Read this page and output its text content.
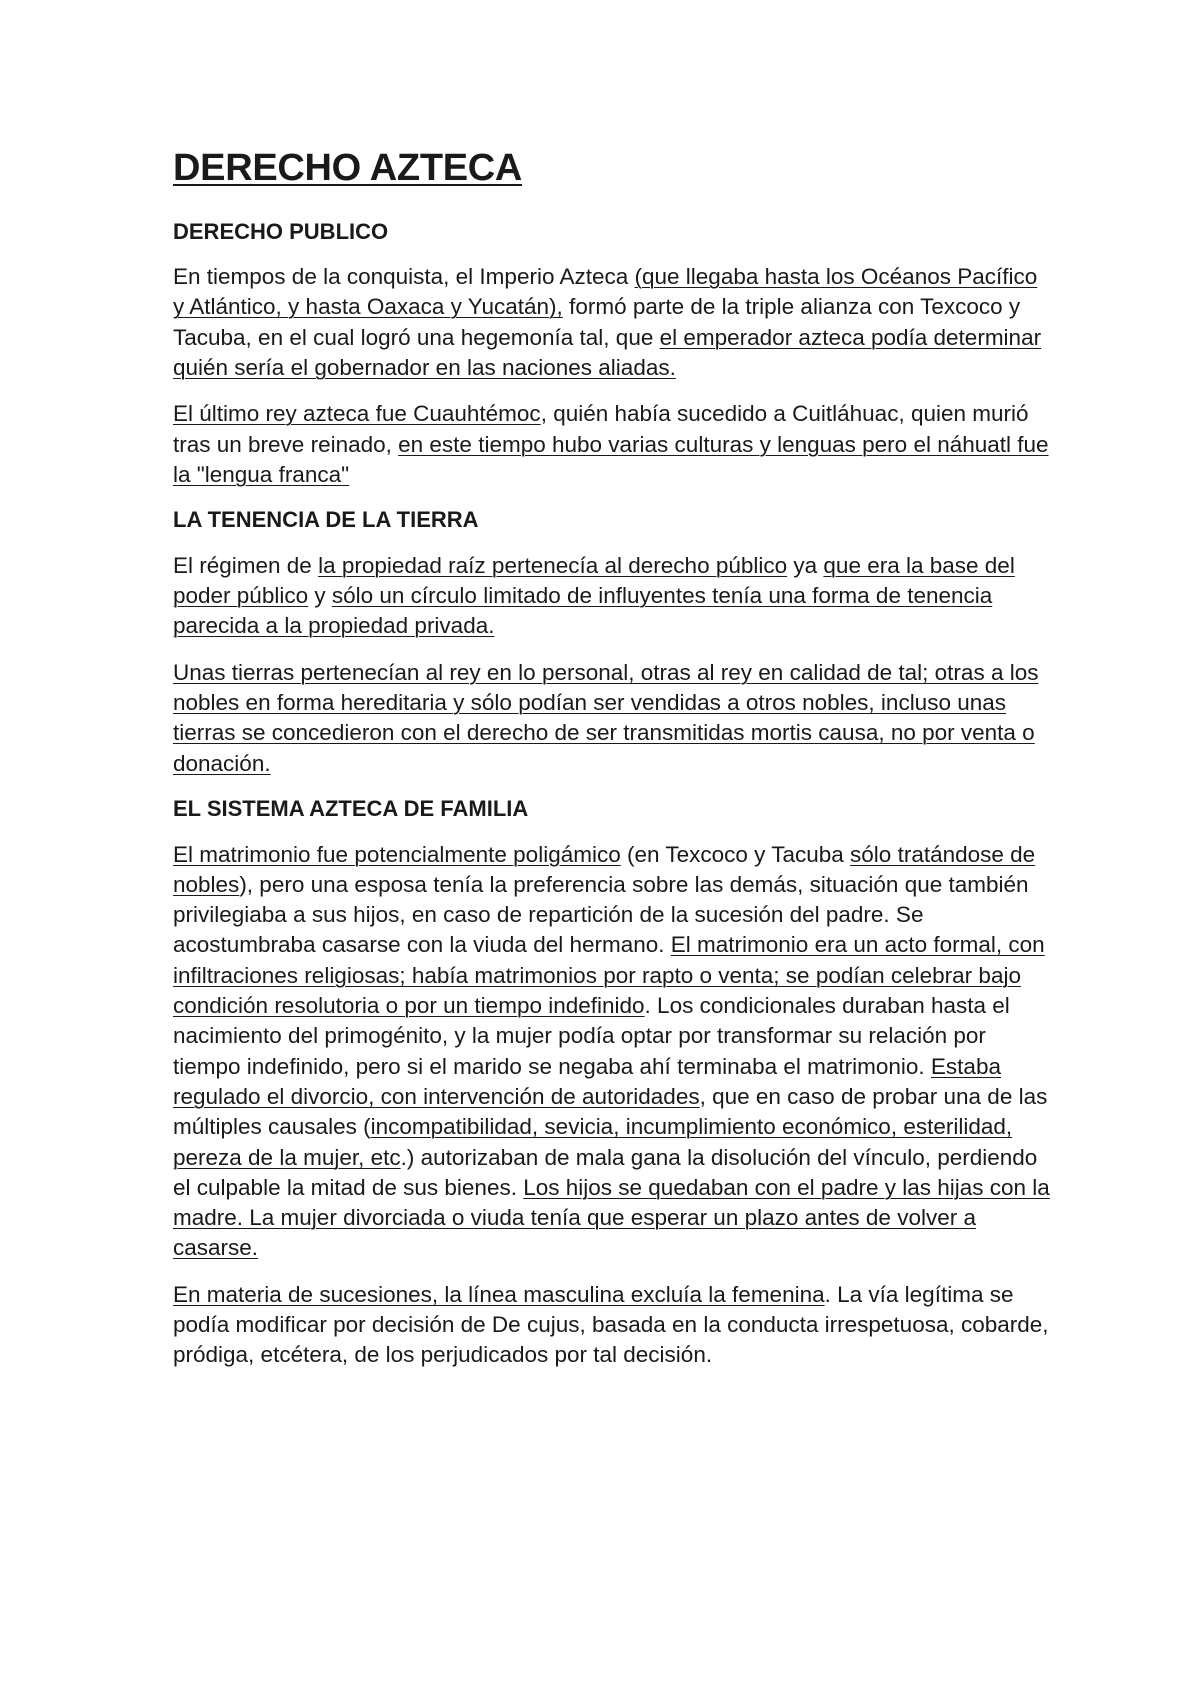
DERECHO AZTECA
DERECHO PUBLICO
En tiempos de la conquista, el Imperio Azteca (que llegaba hasta los Océanos Pacífico y Atlántico, y hasta Oaxaca y Yucatán), formó parte de la triple alianza con Texcoco y Tacuba, en el cual logró una hegemonía tal, que el emperador azteca podía determinar quién sería el gobernador en las naciones aliadas.
El último rey azteca fue Cuauhtémoc, quién había sucedido a Cuitláhuac, quien murió tras un breve reinado, en este tiempo hubo varias culturas y lenguas pero el náhuatl fue la "lengua franca"
LA TENENCIA DE LA TIERRA
El régimen de la propiedad raíz pertenecía al derecho público ya que era la base del poder público y sólo un círculo limitado de influyentes tenía una forma de tenencia parecida a la propiedad privada.
Unas tierras pertenecían al rey en lo personal, otras al rey en calidad de tal; otras a los nobles en forma hereditaria y sólo podían ser vendidas a otros nobles, incluso unas tierras se concedieron con el derecho de ser transmitidas mortis causa, no por venta o donación.
EL SISTEMA AZTECA DE FAMILIA
El matrimonio fue potencialmente poligámico (en Texcoco y Tacuba sólo tratándose de nobles), pero una esposa tenía la preferencia sobre las demás, situación que también privilegiaba a sus hijos, en caso de repartición de la sucesión del padre. Se acostumbraba casarse con la viuda del hermano. El matrimonio era un acto formal, con infiltraciones religiosas; había matrimonios por rapto o venta; se podían celebrar bajo condición resolutoria o por un tiempo indefinido. Los condicionales duraban hasta el nacimiento del primogénito, y la mujer podía optar por transformar su relación por tiempo indefinido, pero si el marido se negaba ahí terminaba el matrimonio. Estaba regulado el divorcio, con intervención de autoridades, que en caso de probar una de las múltiples causales (incompatibilidad, sevicia, incumplimiento económico, esterilidad, pereza de la mujer, etc.) autorizaban de mala gana la disolución del vínculo, perdiendo el culpable la mitad de sus bienes. Los hijos se quedaban con el padre y las hijas con la madre. La mujer divorciada o viuda tenía que esperar un plazo antes de volver a casarse.
En materia de sucesiones, la línea masculina excluía la femenina. La vía legítima se podía modificar por decisión de De cujus, basada en la conducta irrespetuosa, cobarde, pródiga, etcétera, de los perjudicados por tal decisión.
